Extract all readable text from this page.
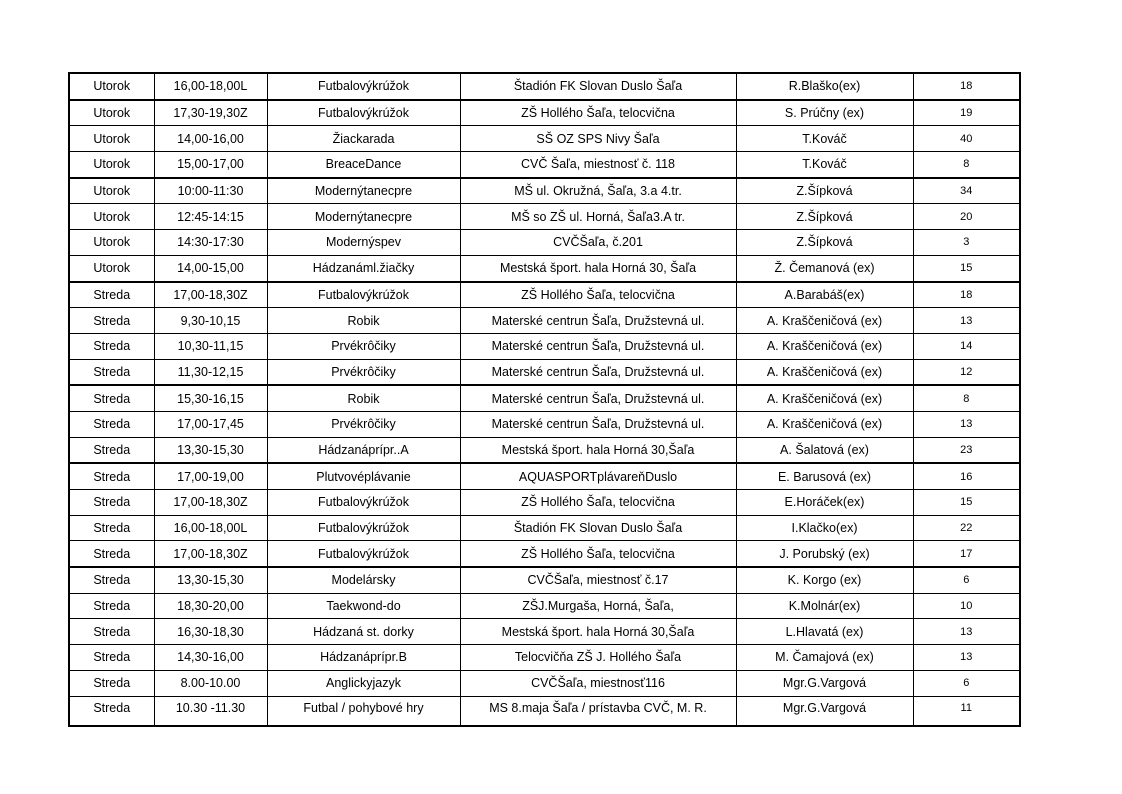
Utorok	16,00-18,00L	Futbalovýkrúžok	Štadión FK Slovan Duslo Šaľa	R.Blaško(ex)	18
Utorok	17,30-19,30Z	Futbalovýkrúžok	ZŠ Hollého Šaľa, telocvična	S. Prúčny (ex)	19
Utorok	14,00-16,00	Žiackarada	SŠ OZ SPS Nivy Šaľa	T.Kováč	40
Utorok	15,00-17,00	BreaceDance	CVČ Šaľa, miestnosť č. 118	T.Kováč	8
Utorok	10:00-11:30	Modernýtanecpre	MŠ ul. Okružná, Šaľa, 3.a 4.tr.	Z.Šípková	34
Utorok	12:45-14:15	Modernýtanecpre	MŠ so ZŠ ul. Horná, Šaľa3.A tr.	Z.Šípková	20
Utorok	14:30-17:30	Modernýspev	CVČŠaľa, č.201	Z.Šípková	3
Utorok	14,00-15,00	Hádzanáml.žiačky	Mestská šport. hala Horná 30, Šaľa	Ž. Čemanová (ex)	15
Streda	17,00-18,30Z	Futbalovýkrúžok	ZŠ Hollého Šaľa, telocvična	A.Barabáš(ex)	18
Streda	9,30-10,15	Robik	Materské centrun Šaľa, Družstevná ul.	A. Kraščeničová (ex)	13
Streda	10,30-11,15	Prvékrôčiky	Materské centrun Šaľa, Družstevná ul.	A. Kraščeničová (ex)	14
Streda	11,30-12,15	Prvékrôčiky	Materské centrun Šaľa, Družstevná ul.	A. Kraščeničová (ex)	12
Streda	15,30-16,15	Robik	Materské centrun Šaľa, Družstevná ul.	A. Kraščeničová (ex)	8
Streda	17,00-17,45	Prvékrôčiky	Materské centrun Šaľa, Družstevná ul.	A. Kraščeničová (ex)	13
Streda	13,30-15,30	Hádzanáprípr..A	Mestská šport. hala Horná 30,Šaľa	A. Šalatová (ex)	23
Streda	17,00-19,00	Plutvovéplávanie	AQUASPORTplávareňDuslo	E. Barusová (ex)	16
Streda	17,00-18,30Z	Futbalovýkrúžok	ZŠ Hollého Šaľa, telocvična	E.Horáček(ex)	15
Streda	16,00-18,00L	Futbalovýkrúžok	Štadión FK Slovan Duslo Šaľa	I.Klačko(ex)	22
Streda	17,00-18,30Z	Futbalovýkrúžok	ZŠ Hollého Šaľa, telocvična	J. Porubský (ex)	17
Streda	13,30-15,30	Modelársky	CVČŠaľa, miestnosť č.17	K. Korgo (ex)	6
Streda	18,30-20,00	Taekwond-do	ZŠJ.Murgaša, Horná, Šaľa,	K.Molnár(ex)	10
Streda	16,30-18,30	Hádzaná st. dorky	Mestská šport. hala Horná 30,Šaľa	L.Hlavatá (ex)	13
Streda	14,30-16,00	Hádzanáprípr.B	Telocvičňa ZŠ J. Hollého Šaľa	M. Čamajová (ex)	13
Streda	8.00-10.00	Anglickyjazyk	CVČŠaľa, miestnosť116	Mgr.G.Vargová	6
Streda	10.30 -11.30	Futbal / pohybové hry	MS 8.maja Šaľa / prístavba CVČ, M. R.	Mgr.G.Vargová	11
